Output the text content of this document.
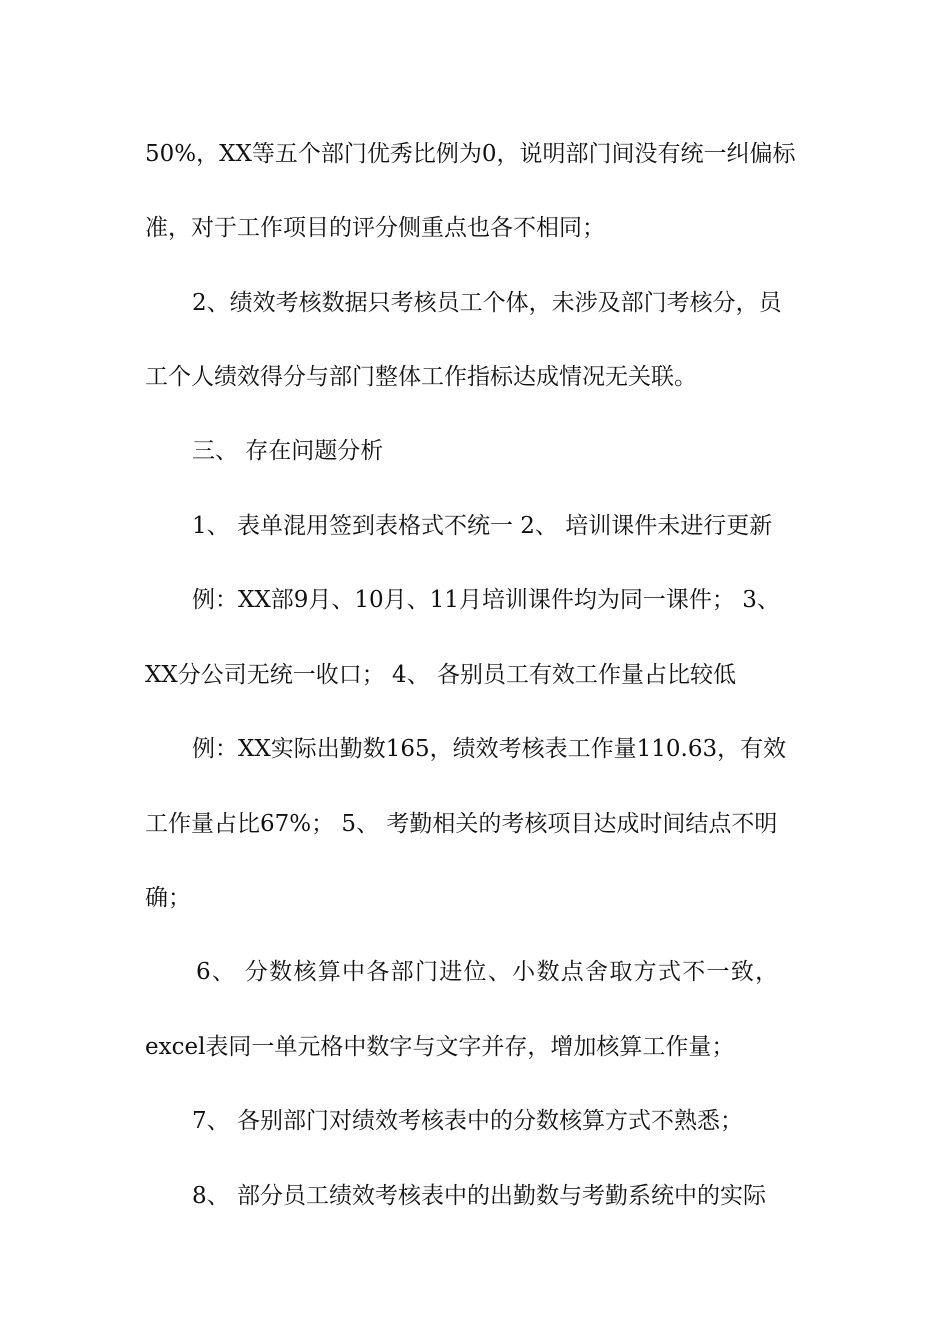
50%，XX等五个部门优秀比例为0，说明部门间没有统一纠偏标

准，对于工作项目的评分侧重点也各不相同；

2、绩效考核数据只考核员工个体，未涉及部门考核分，员

工个人绩效得分与部门整体工作指标达成情况无关联。

三、 存在问题分析

1、 表单混用签到表格式不统一 2、 培训课件未进行更新

例：XX部9月、10月、11月培训课件均为同一课件； 3、

XX分公司无统一收口； 4、 各别员工有效工作量占比较低

例：XX实际出勤数165，绩效考核表工作量110.63，有效

工作量占比67%； 5、 考勤相关的考核项目达成时间结点不明

确；

6、 分数核算中各部门进位、小数点舍取方式不一致，

excel表同一单元格中数字与文字并存，增加核算工作量；

7、 各别部门对绩效考核表中的分数核算方式不熟悉；

8、 部分员工绩效考核表中的出勤数与考勤系统中的实际
